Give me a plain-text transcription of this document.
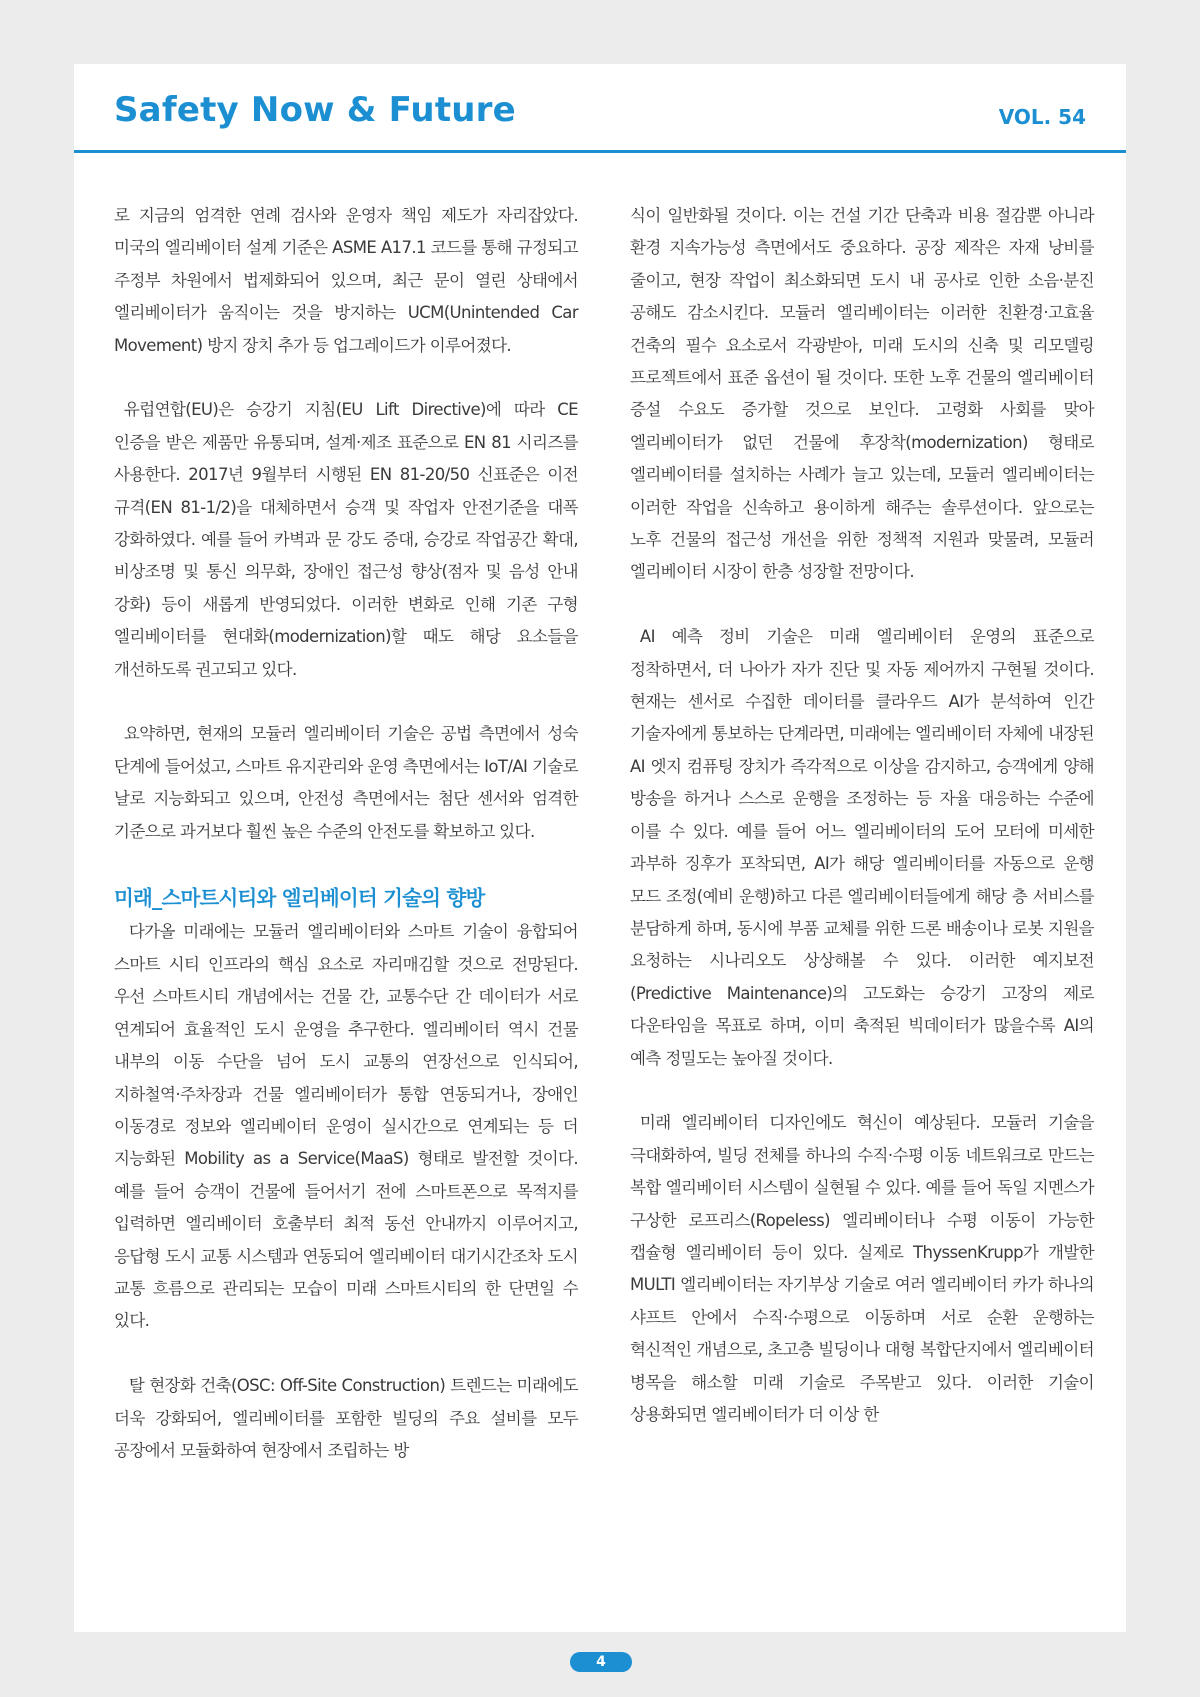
Safety Now & Future	VOL. 54

로 지금의 엄격한 연례 검사와 운영자 책임 제도가 자리잡았다. 미국의 엘리베이터 설계 기준은 ASME A17.1 코드를 통해 규정되고 주정부 차원에서 법제화되어 있으며, 최근 문이 열린 상태에서 엘리베이터가 움직이는 것을 방지하는 UCM(Unintended Car Movement) 방지 장치 추가 등 업그레이드가 이루어졌다.

유럽연합(EU)은 승강기 지침(EU Lift Directive)에 따라 CE 인증을 받은 제품만 유통되며, 설계·제조 표준으로 EN 81 시리즈를 사용한다. 2017년 9월부터 시행된 EN 81-20/50 신표준은 이전 규격(EN 81-1/2)을 대체하면서 승객 및 작업자 안전기준을 대폭 강화하였다. 예를 들어 카벽과 문 강도 증대, 승강로 작업공간 확대, 비상조명 및 통신 의무화, 장애인 접근성 향상(점자 및 음성 안내 강화) 등이 새롭게 반영되었다. 이러한 변화로 인해 기존 구형 엘리베이터를 현대화(modernization)할 때도 해당 요소들을 개선하도록 권고되고 있다.

요약하면, 현재의 모듈러 엘리베이터 기술은 공법 측면에서 성숙 단계에 들어섰고, 스마트 유지관리와 운영 측면에서는 IoT/AI 기술로 날로 지능화되고 있으며, 안전성 측면에서는 첨단 센서와 엄격한 기준으로 과거보다 훨씬 높은 수준의 안전도를 확보하고 있다.

미래_스마트시티와 엘리베이터 기술의 향방

다가올 미래에는 모듈러 엘리베이터와 스마트 기술이 융합되어 스마트 시티 인프라의 핵심 요소로 자리매김할 것으로 전망된다. 우선 스마트시티 개념에서는 건물 간, 교통수단 간 데이터가 서로 연계되어 효율적인 도시 운영을 추구한다. 엘리베이터 역시 건물 내부의 이동 수단을 넘어 도시 교통의 연장선으로 인식되어, 지하철역·주차장과 건물 엘리베이터가 통합 연동되거나, 장애인 이동경로 정보와 엘리베이터 운영이 실시간으로 연계되는 등 더 지능화된 Mobility as a Service(MaaS) 형태로 발전할 것이다. 예를 들어 승객이 건물에 들어서기 전에 스마트폰으로 목적지를 입력하면 엘리베이터 호출부터 최적 동선 안내까지 이루어지고, 응답형 도시 교통 시스템과 연동되어 엘리베이터 대기시간조차 도시 교통 흐름으로 관리되는 모습이 미래 스마트시티의 한 단면일 수 있다.

탈 현장화 건축(OSC: Off-Site Construction) 트렌드는 미래에도 더욱 강화되어, 엘리베이터를 포함한 빌딩의 주요 설비를 모두 공장에서 모듈화하여 현장에서 조립하는 방

식이 일반화될 것이다. 이는 건설 기간 단축과 비용 절감뿐 아니라 환경 지속가능성 측면에서도 중요하다. 공장 제작은 자재 낭비를 줄이고, 현장 작업이 최소화되면 도시 내 공사로 인한 소음·분진 공해도 감소시킨다. 모듈러 엘리베이터는 이러한 친환경·고효율 건축의 필수 요소로서 각광받아, 미래 도시의 신축 및 리모델링 프로젝트에서 표준 옵션이 될 것이다. 또한 노후 건물의 엘리베이터 증설 수요도 증가할 것으로 보인다. 고령화 사회를 맞아 엘리베이터가 없던 건물에 후장착(modernization) 형태로 엘리베이터를 설치하는 사례가 늘고 있는데, 모듈러 엘리베이터는 이러한 작업을 신속하고 용이하게 해주는 솔루션이다. 앞으로는 노후 건물의 접근성 개선을 위한 정책적 지원과 맞물려, 모듈러 엘리베이터 시장이 한층 성장할 전망이다.

AI 예측 정비 기술은 미래 엘리베이터 운영의 표준으로 정착하면서, 더 나아가 자가 진단 및 자동 제어까지 구현될 것이다. 현재는 센서로 수집한 데이터를 클라우드 AI가 분석하여 인간 기술자에게 통보하는 단계라면, 미래에는 엘리베이터 자체에 내장된 AI 엣지 컴퓨팅 장치가 즉각적으로 이상을 감지하고, 승객에게 양해 방송을 하거나 스스로 운행을 조정하는 등 자율 대응하는 수준에 이를 수 있다. 예를 들어 어느 엘리베이터의 도어 모터에 미세한 과부하 징후가 포착되면, AI가 해당 엘리베이터를 자동으로 운행 모드 조정(예비 운행)하고 다른 엘리베이터들에게 해당 층 서비스를 분담하게 하며, 동시에 부품 교체를 위한 드론 배송이나 로봇 지원을 요청하는 시나리오도 상상해볼 수 있다. 이러한 예지보전(Predictive Maintenance)의 고도화는 승강기 고장의 제로 다운타임을 목표로 하며, 이미 축적된 빅데이터가 많을수록 AI의 예측 정밀도는 높아질 것이다.

미래 엘리베이터 디자인에도 혁신이 예상된다. 모듈러 기술을 극대화하여, 빌딩 전체를 하나의 수직·수평 이동 네트워크로 만드는 복합 엘리베이터 시스템이 실현될 수 있다. 예를 들어 독일 지멘스가 구상한 로프리스(Ropeless) 엘리베이터나 수평 이동이 가능한 캡슐형 엘리베이터 등이 있다. 실제로 ThyssenKrupp가 개발한 MULTI 엘리베이터는 자기부상 기술로 여러 엘리베이터 카가 하나의 샤프트 안에서 수직·수평으로 이동하며 서로 순환 운행하는 혁신적인 개념으로, 초고층 빌딩이나 대형 복합단지에서 엘리베이터 병목을 해소할 미래 기술로 주목받고 있다. 이러한 기술이 상용화되면 엘리베이터가 더 이상 한

4
